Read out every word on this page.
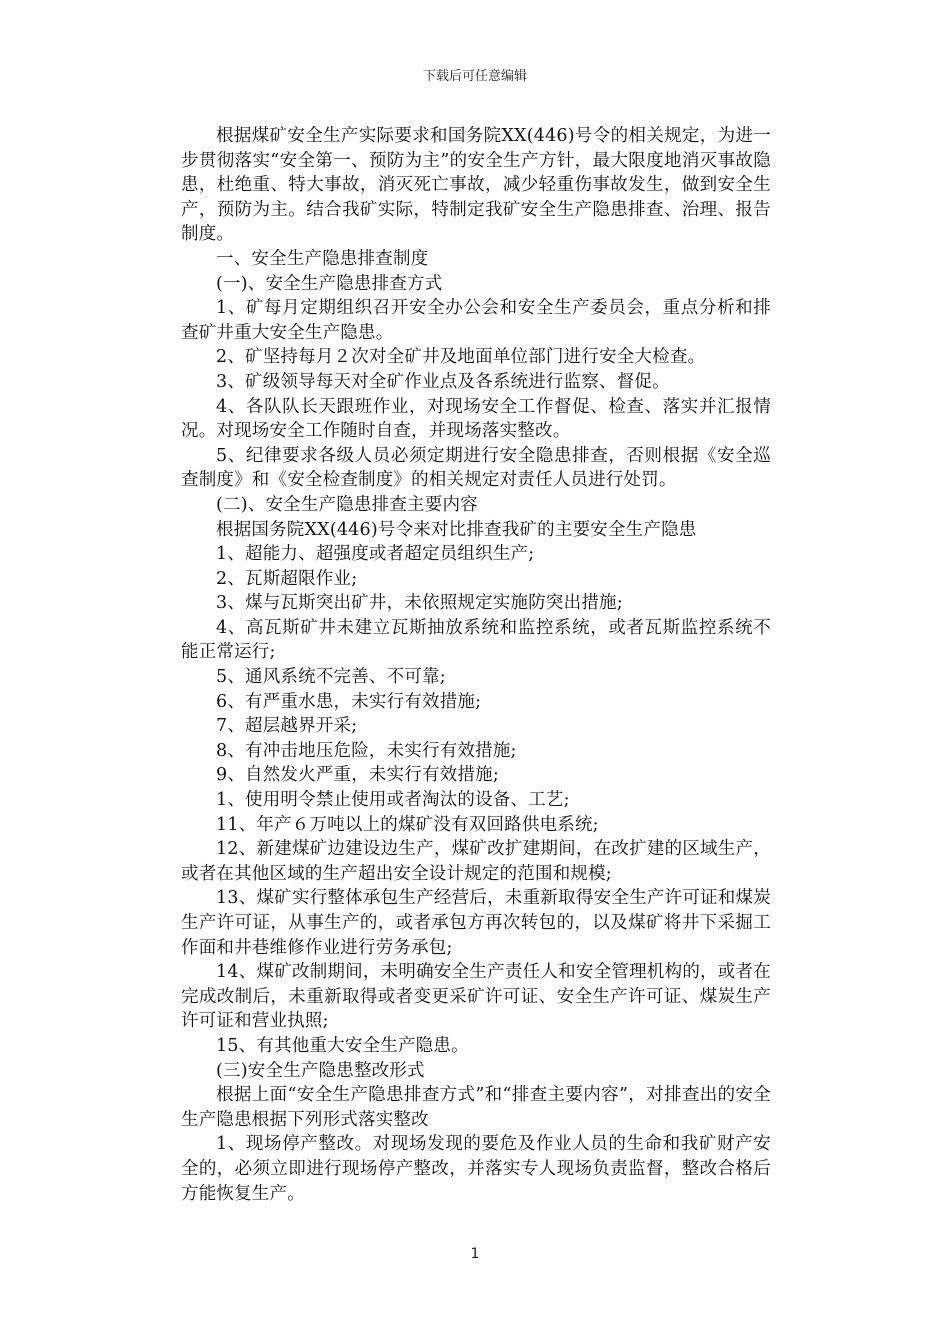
下载后可任意编辑

根据煤矿安全生产实际要求和国务院XX(446)号令的相关规定，为进一步贯彻落实“安全第一、预防为主”的安全生产方针，最大限度地消灭事故隐患，杜绝重、特大事故，消灭死亡事故，减少轻重伤事故发生，做到安全生产，预防为主。结合我矿实际，特制定我矿安全生产隐患排查、治理、报告制度。

一、安全生产隐患排查制度

(一)、安全生产隐患排查方式

1、矿每月定期组织召开安全办公会和安全生产委员会，重点分析和排查矿井重大安全生产隐患。

2、矿坚持每月２次对全矿井及地面单位部门进行安全大检查。

3、矿级领导每天对全矿作业点及各系统进行监察、督促。

4、各队队长天跟班作业，对现场安全工作督促、检查、落实并汇报情况。对现场安全工作随时自查，并现场落实整改。

5、纪律要求各级人员必须定期进行安全隐患排查，否则根据《安全巡查制度》和《安全检查制度》的相关规定对责任人员进行处罚。

(二)、安全生产隐患排查主要内容

根据国务院XX(446)号令来对比排查我矿的主要安全生产隐患

1、超能力、超强度或者超定员组织生产;

2、瓦斯超限作业;

3、煤与瓦斯突出矿井，未依照规定实施防突出措施;

4、高瓦斯矿井未建立瓦斯抽放系统和监控系统，或者瓦斯监控系统不能正常运行;

5、通风系统不完善、不可靠;

6、有严重水患，未实行有效措施;

7、超层越界开采;

8、有冲击地压危险，未实行有效措施;

9、自然发火严重，未实行有效措施;

1、使用明令禁止使用或者淘汰的设备、工艺;

11、年产６万吨以上的煤矿没有双回路供电系统;

12、新建煤矿边建设边生产，煤矿改扩建期间，在改扩建的区域生产，或者在其他区域的生产超出安全设计规定的范围和规模;

13、煤矿实行整体承包生产经营后，未重新取得安全生产许可证和煤炭生产许可证，从事生产的，或者承包方再次转包的，以及煤矿将井下采掘工作面和井巷维修作业进行劳务承包;

14、煤矿改制期间，未明确安全生产责任人和安全管理机构的，或者在完成改制后，未重新取得或者变更采矿许可证、安全生产许可证、煤炭生产许可证和营业执照;

15、有其他重大安全生产隐患。

(三)安全生产隐患整改形式

根据上面“安全生产隐患排查方式”和“排查主要内容”，对排查出的安全生产隐患根据下列形式落实整改

1、现场停产整改。对现场发现的要危及作业人员的生命和我矿财产安全的，必须立即进行现场停产整改，并落实专人现场负责监督，整改合格后方能恢复生产。

1
